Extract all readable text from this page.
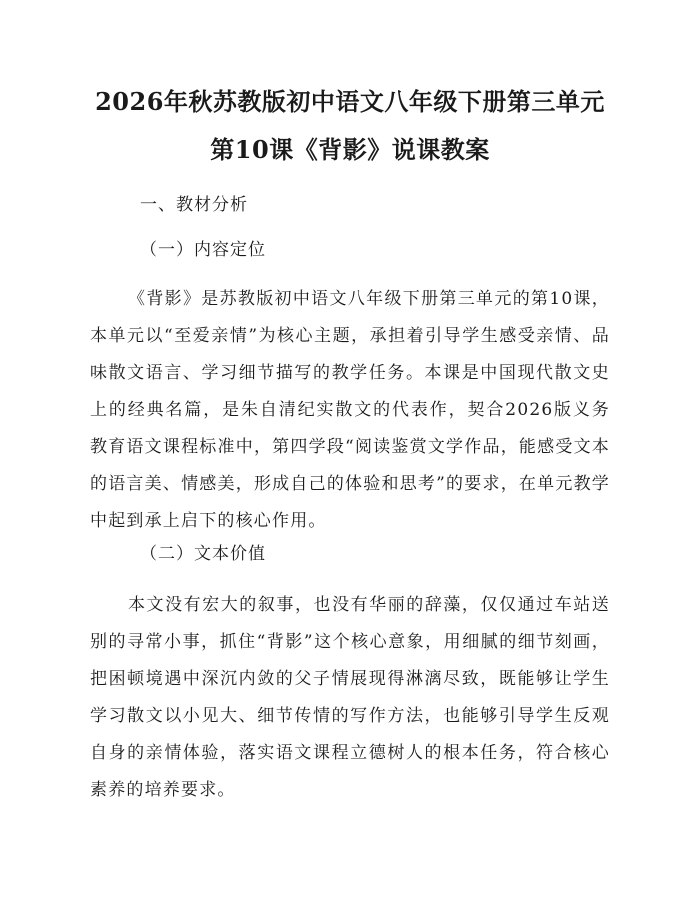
2026年秋苏教版初中语文八年级下册第三单元第10课《背影》说课教案
一、教材分析
（一）内容定位
《背影》是苏教版初中语文八年级下册第三单元的第10课，本单元以“至爱亲情”为核心主题，承担着引导学生感受亲情、品味散文语言、学习细节描写的教学任务。本课是中国现代散文史上的经典名篇，是朱自清纪实散文的代表作，契合2026版义务教育语文课程标准中，第四学段“阅读鉴赏文学作品，能感受文本的语言美、情感美，形成自己的体验和思考”的要求，在单元教学中起到承上启下的核心作用。
（二）文本价值
本文没有宏大的叙事，也没有华丽的辞藻，仅仅通过车站送别的寻常小事，抓住“背影”这个核心意象，用细腻的细节刻画，把困顿境遇中深沉内敛的父子情展现得淋漓尽致，既能够让学生学习散文以小见大、细节传情的写作方法，也能够引导学生反观自身的亲情体验，落实语文课程立德树人的根本任务，符合核心素养的培养要求。
